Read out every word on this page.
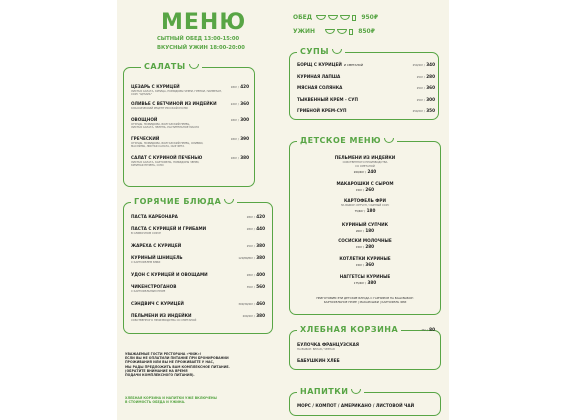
МЕНЮ
СЫТНЫЙ ОБЕД 13:00-15:00
ВКУСНЫЙ УЖИН 18:00-20:00
ОБЕД	950₽
УЖИН	850₽
САЛАТЫ
ГОРЯЧИЕ БЛЮДА
СУПЫ
ДЕТСКОЕ МЕНЮ
ПРИГОТОВИМ ЭТИ ДЕТСКИЕ БЛЮДА С ГАРНИРОМ НА ВАШ ВЫБОР:
КАРТОФЕЛЬНОЕ ПЮРЕ | МАКАРОШКИ | КАРТОФЕЛЬ ФРИ
ХЛЕБНАЯ КОРЗИНА	75г / 80
БУЛОЧКА ФРАНЦУЗСКАЯ
НА ВЫБОР: БЕЛАЯ / ЧЕРНАЯ
БАБУШКИН ХЛЕБ
НАПИТКИ
МОРС / КОМПОТ / АМЕРИКАНО / ЛИСТОВОЙ ЧАЙ
УВАЖАЕМЫЕ ГОСТИ РЕСТОРАНА «ЧИЖ»!
ЕСЛИ ВЫ НЕ ОПЛАТИЛИ ПИТАНИЕ ПРИ БРОНИРОВАНИИ
ПРОЖИВАНИЯ ИЛИ ВЫ НЕ ПРОЖИВАЕТЕ У НАС,
МЫ РАДЫ ПРЕДЛОЖИТЬ ВАМ КОМПЛЕКСНОЕ ПИТАНИЕ.
(ОБРАТИТЕ ВНИМАНИЕ НА ВРЕМЯ
ПОДАЧИ КОМПЛЕКСНОГО ПИТАНИЯ).
ХЛЕБНАЯ КОРЗИНА И НАПИТКИ УЖЕ ВКЛЮЧЕНЫ
В СТОИМОСТЬ ОБЕДА И УЖИНА.
ЦЕЗАРЬ С КУРИЦЕЙ
ЛИСТЬЯ САЛАТА, КУРИЦА, ПОМИДОРЫ ЧЕРРИ, ГРЕНКИ, ПАРМЕЗАН,
СОУС "ЦЕЗАРЬ"
180г / 420
ОЛИВЬЕ С ВЕТЧИНОЙ ИЗ ИНДЕЙКИ
КЛАССИЧЕСКИЙ РЕЦЕПТ РУССКОЙ КУХНИ
220г / 360
ОВОЩНОЙ
ОГУРЦЫ, ПОМИДОРЫ, БОЛГАРСКИЙ ПЕРЕЦ,
ЛИСТЬЯ САЛАТА, ЗЕЛЕНЬ, РАСТИТЕЛЬНОЕ МАСЛО
180г / 300
ГРЕЧЕСКИЙ
ОГУРЦЫ, ПОМИДОРЫ, БОЛГАРСКИЙ ПЕРЕЦ, ОЛИВКИ,
МАСЛИНЫ, ЛИСТЬЯ САЛАТА, СЫР ФЕТА
180г / 390
САЛАТ С КУРИНОЙ ПЕЧЕНЬЮ
ЛИСТЬЯ САЛАТА, КАРТОФЕЛЬ, ПОМИДОРЫ ЧЕРРИ,
КУРИНАЯ ПЕЧЕНЬ, СОУС
180г / 380
ПАСТА КАРБОНАРА	280г / 420
ПАСТА С КУРИЦЕЙ И ГРИБАМИ
В СЛИВОЧНОМ СОУСЕ
280г / 440
ЖАРЕХА С КУРИЦЕЙ	250г / 380
КУРИНЫЙ ШНИЦЕЛЬ
С КАРТОФЕЛЕМ БЭБИ
120/80/80г / 380
УДОН С КУРИЦЕЙ И ОВОЩАМИ	280г / 400
ЧИКЕНСТРОГАНОВ
С КАРТОФЕЛЬНЫМ ПЮРЕ
350г / 560
СЭНДВИЧ С КУРИЦЕЙ	300/30/40г / 460
ПЕЛЬМЕНИ ИЗ ИНДЕЙКИ
СОБСТВЕННОГО ПРОИЗВОДСТВА СО СМЕТАНОЙ
200/40г / 380
БОРЩ С КУРИЦЕЙ И СМЕТАНОЙ	250/40г / 340
КУРИНАЯ ЛАПША	250г / 280
МЯСНАЯ СОЛЯНКА	250г / 360
ТЫКВЕННЫЙ КРЕМ - СУП	250г / 300
ГРИБНОЙ КРЕМ-СУП	250/20г / 350
ПЕЛЬМЕНИ ИЗ ИНДЕЙКИ
СОБСТВЕННОГО ПРОИЗВОДСТВА
СО СМЕТАНОЙ
200/40г / 240
МАКАРОШКИ С СЫРОМ
150г / 260
КАРТОФЕЛЬ ФРИ
НА ВЫБОР: КЕТЧУП / СЫРНЫЙ СОУС
75/40г / 180
КУРИНЫЙ СУПЧИК
200г / 180
СОСИСКИ МОЛОЧНЫЕ
150г / 280
КОТЛЕТКИ КУРИНЫЕ
150г / 360
НАГГЕТСЫ КУРИНЫЕ
175/40г / 380
